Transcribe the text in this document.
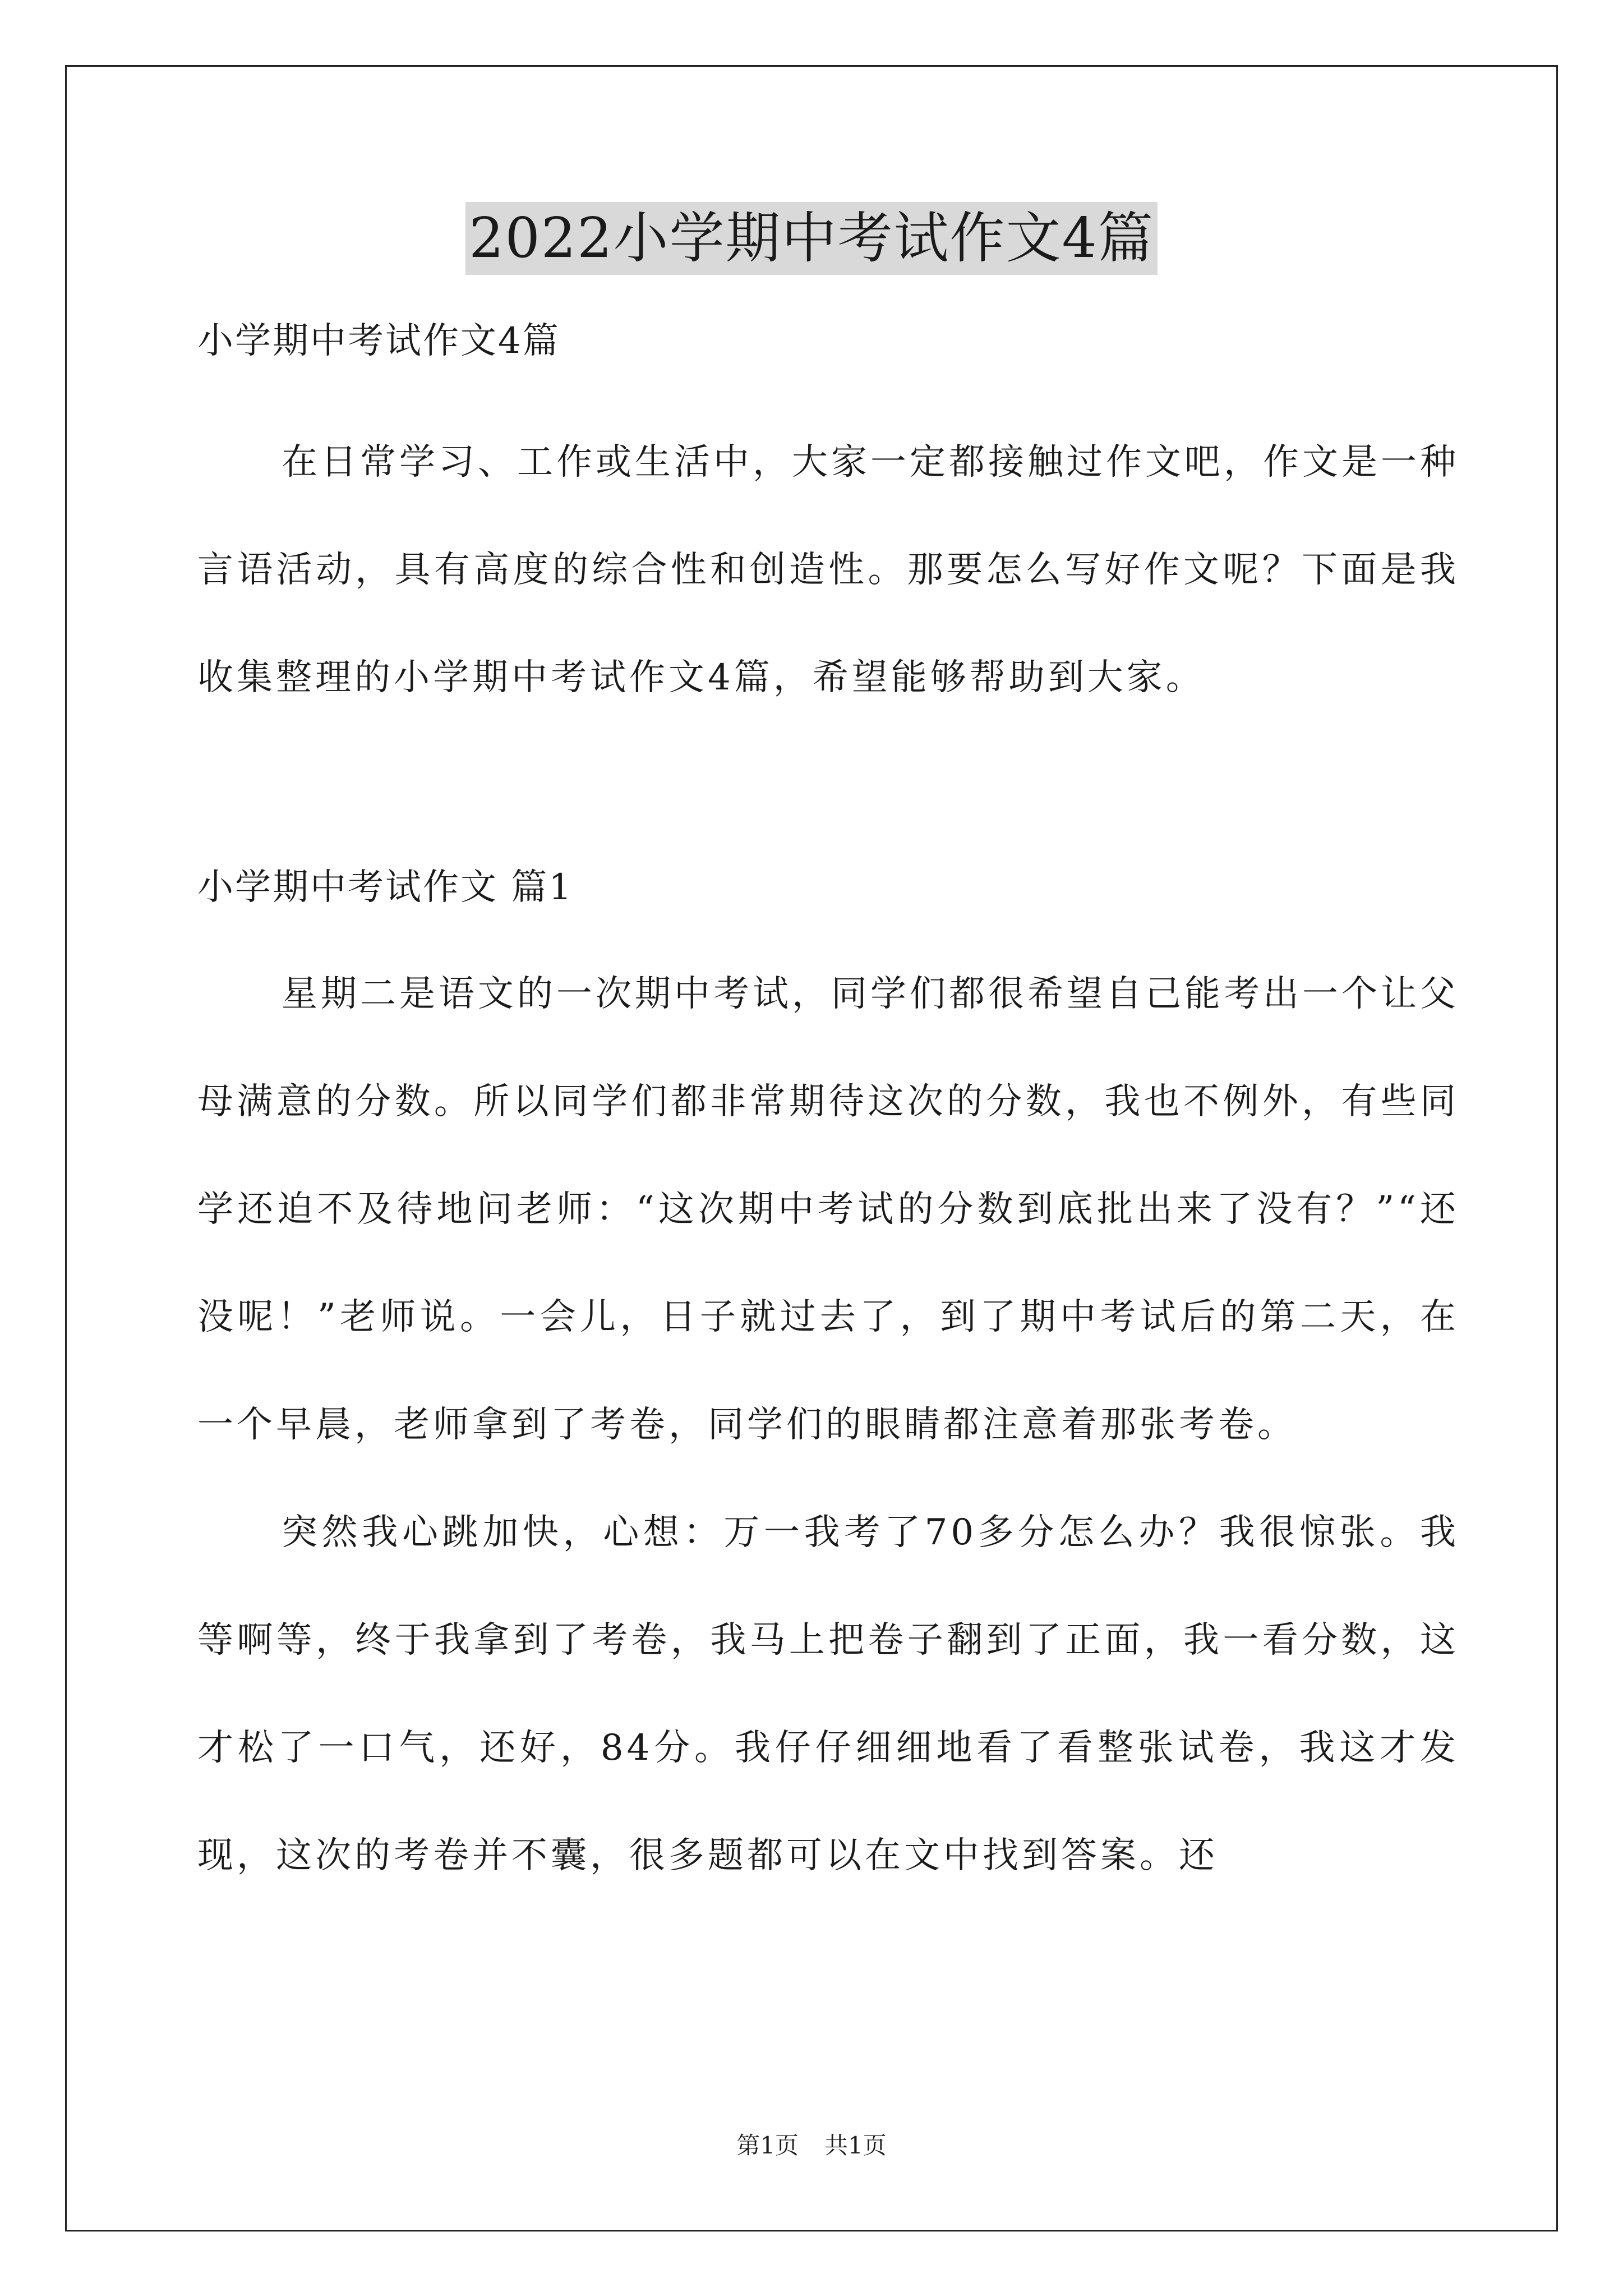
2022小学期中考试作文4篇

小学期中考试作文4篇

在日常学习、工作或生活中，大家一定都接触过作文吧，作文是一种言语活动，具有高度的综合性和创造性。那要怎么写好作文呢？下面是我收集整理的小学期中考试作文4篇，希望能够帮助到大家。

小学期中考试作文 篇1

星期二是语文的一次期中考试，同学们都很希望自己能考出一个让父母满意的分数。所以同学们都非常期待这次的分数，我也不例外，有些同学还迫不及待地问老师：“这次期中考试的分数到底批出来了没有？”“还没呢！”老师说。一会儿，日子就过去了，到了期中考试后的第二天，在一个早晨，老师拿到了考卷，同学们的眼睛都注意着那张考卷。

突然我心跳加快，心想：万一我考了70多分怎么办？我很惊张。我等啊等，终于我拿到了考卷，我马上把卷子翻到了正面，我一看分数，这才松了一口气，还好，84分。我仔仔细细地看了看整张试卷，我这才发现，这次的考卷并不囊，很多题都可以在文中找到答案。还

第1页 共1页
